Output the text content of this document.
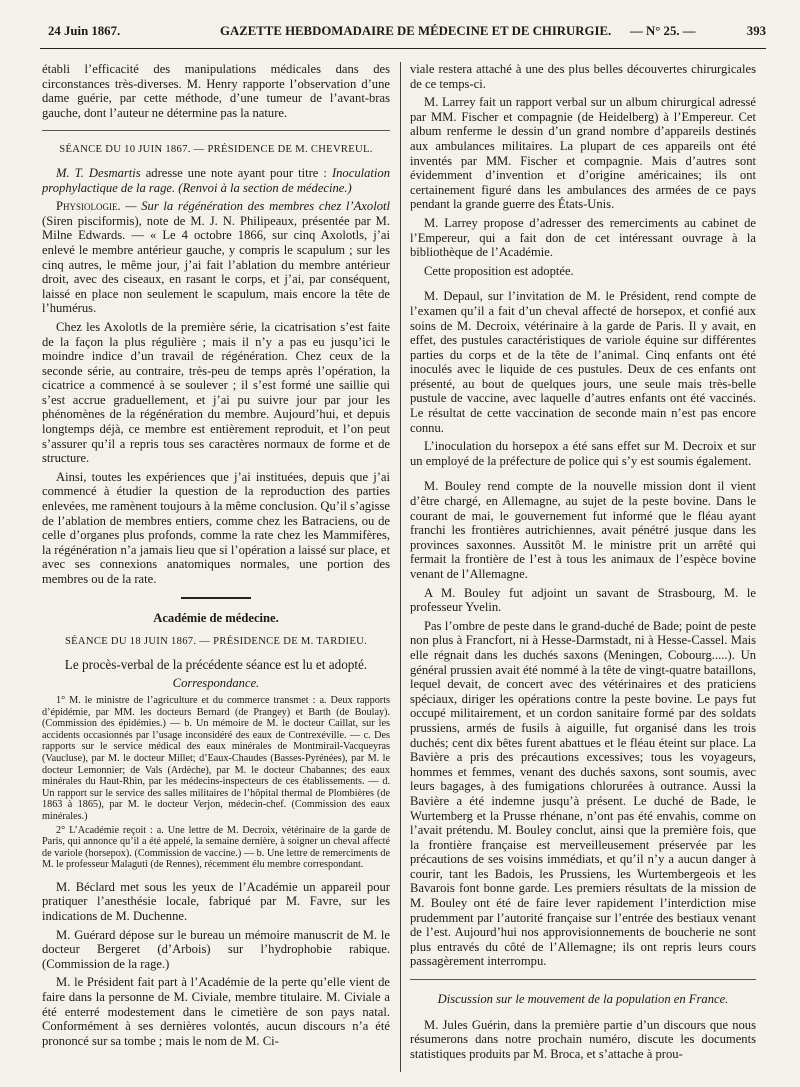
24 Juin 1867.	GAZETTE HEBDOMADAIRE DE MÉDECINE ET DE CHIRURGIE. — N° 25. —	393

établi l’efficacité des manipulations médicales dans des circonstances très-diverses. M. Henry rapporte l’observation d’une dame guérie, par cette méthode, d’une tumeur de l’avant-bras gauche, dont l’auteur ne détermine pas la nature.

SÉANCE DU 10 JUIN 1867. — PRÉSIDENCE DE M. CHEVREUL.

M. T. Desmartis adresse une note ayant pour titre : Inoculation prophylactique de la rage. (Renvoi à la section de médecine.)

Physiologie. — Sur la régénération des membres chez l’Axolotl (Siren pisciformis), note de M. J. N. Philipeaux, présentée par M. Milne Edwards. — « Le 4 octobre 1866, sur cinq Axolotls, j’ai enlevé le membre antérieur gauche, y compris le scapulum ; sur les cinq autres, le même jour, j’ai fait l’ablation du membre antérieur droit, avec des ciseaux, en rasant le corps, et j’ai, par conséquent, laissé en place non seulement le scapulum, mais encore la tête de l’humérus.

Chez les Axolotls de la première série, la cicatrisation s’est faite de la façon la plus régulière ; mais il n’y a pas eu jusqu’ici le moindre indice d’un travail de régénération. Chez ceux de la seconde série, au contraire, très-peu de temps après l’opération, la cicatrice a commencé à se soulever ; il s’est formé une saillie qui s’est accrue graduellement, et j’ai pu suivre jour par jour les phénomènes de la régénération du membre. Aujourd’hui, et depuis longtemps déjà, ce membre est entièrement reproduit, et l’on peut s’assurer qu’il a repris tous ses caractères normaux de forme et de structure.

Ainsi, toutes les expériences que j’ai instituées, depuis que j’ai commencé à étudier la question de la reproduction des parties enlevées, me ramènent toujours à la même conclusion. Qu’il s’agisse de l’ablation de membres entiers, comme chez les Batraciens, ou de celle d’organes plus profonds, comme la rate chez les Mammifères, la régénération n’a jamais lieu que si l’opération a laissé sur place, et avec ses connexions anatomiques normales, une portion des membres ou de la rate.

Académie de médecine.
SÉANCE DU 18 JUIN 1867. — PRÉSIDENCE DE M. TARDIEU.

Le procès-verbal de la précédente séance est lu et adopté.

Correspondance.

1° M. le ministre de l’agriculture et du commerce transmet : a. Deux rapports d’épidémie, par MM. les docteurs Bernard (de Prangey) et Barth (de Boulay). (Commission des épidémies.) — b. Un mémoire de M. le docteur Caillat, sur les accidents occasionnés par l’usage inconsidéré des eaux de Contrexéville. — c. Des rapports sur le service médical des eaux minérales de Montmirail-Vacqueyras (Vaucluse), par M. le docteur Millet; d’Eaux-Chaudes (Basses-Pyrénées), par M. le docteur Lemonnier; de Vals (Ardèche), par M. le docteur Chabannes; des eaux minérales du Haut-Rhin, par les médecins-inspecteurs de ces établissements. — d. Un rapport sur le service des salles militaires de l’hôpital thermal de Plombières (de 1863 à 1865), par M. le docteur Verjon, médecin-chef. (Commission des eaux minérales.)

2° L’Académie reçoit : a. Une lettre de M. Decroix, vétérinaire de la garde de Paris, qui annonce qu’il a été appelé, la semaine dernière, à soigner un cheval affecté de variole (horsepox). (Commission de vaccine.) — b. Une lettre de remerciments de M. le professeur Malaguti (de Rennes), récemment élu membre correspondant.

M. Béclard met sous les yeux de l’Académie un appareil pour pratiquer l’anesthésie locale, fabriqué par M. Favre, sur les indications de M. Duchenne.

M. Guérard dépose sur le bureau un mémoire manuscrit de M. le docteur Bergeret (d’Arbois) sur l’hydrophobie rabique. (Commission de la rage.)

M. le Président fait part à l’Académie de la perte qu’elle vient de faire dans la personne de M. Civiale, membre titulaire. M. Civiale a été enterré modestement dans le cimetière de son pays natal. Conformément à ses dernières volontés, aucun discours n’a été prononcé sur sa tombe ; mais le nom de M. Ci-

viale restera attaché à une des plus belles découvertes chirurgicales de ce temps-ci.

M. Larrey fait un rapport verbal sur un album chirurgical adressé par MM. Fischer et compagnie (de Heidelberg) à l’Empereur. Cet album renferme le dessin d’un grand nombre d’appareils destinés aux ambulances militaires. La plupart de ces appareils ont été inventés par MM. Fischer et compagnie. Mais d’autres sont évidemment d’invention et d’origine américaines; ils ont certainement figuré dans les ambulances des armées de ce pays pendant la grande guerre des États-Unis.

M. Larrey propose d’adresser des remerciments au cabinet de l’Empereur, qui a fait don de cet intéressant ouvrage à la bibliothèque de l’Académie.

Cette proposition est adoptée.

M. Depaul, sur l’invitation de M. le Président, rend compte de l’examen qu’il a fait d’un cheval affecté de horsepox, et confié aux soins de M. Decroix, vétérinaire à la garde de Paris. Il y avait, en effet, des pustules caractéristiques de variole équine sur différentes parties du corps et de la tête de l’animal. Cinq enfants ont été inoculés avec le liquide de ces pustules. Deux de ces enfants ont présenté, au bout de quelques jours, une seule mais très-belle pustule de vaccine, avec laquelle d’autres enfants ont été vaccinés. Le résultat de cette vaccination de seconde main n’est pas encore connu.

L’inoculation du horsepox a été sans effet sur M. Decroix et sur un employé de la préfecture de police qui s’y est soumis également.

M. Bouley rend compte de la nouvelle mission dont il vient d’être chargé, en Allemagne, au sujet de la peste bovine. Dans le courant de mai, le gouvernement fut informé que le fléau ayant franchi les frontières autrichiennes, avait pénétré jusque dans les provinces saxonnes. Aussitôt M. le ministre prit un arrêté qui fermait la frontière de l’est à tous les animaux de l’espèce bovine venant de l’Allemagne.

A M. Bouley fut adjoint un savant de Strasbourg, M. le professeur Yvelin.

Pas l’ombre de peste dans le grand-duché de Bade; point de peste non plus à Francfort, ni à Hesse-Darmstadt, ni à Hesse-Cassel. Mais elle régnait dans les duchés saxons (Meningen, Cobourg.....). Un général prussien avait été nommé à la tête de vingt-quatre bataillons, lequel devait, de concert avec des vétérinaires et des praticiens spéciaux, diriger les opérations contre la peste bovine. Le pays fut occupé militairement, et un cordon sanitaire formé par des soldats prussiens, armés de fusils à aiguille, fut organisé dans les trois duchés; cent dix bêtes furent abattues et le fléau éteint sur place. La Bavière a pris des précautions excessives; tous les voyageurs, hommes et femmes, venant des duchés saxons, sont soumis, avec leurs bagages, à des fumigations chlorurées à outrance. Aussi la Bavière a été indemne jusqu’à présent. Le duché de Bade, le Wurtemberg et la Prusse rhénane, n’ont pas été envahis, comme on l’avait prétendu. M. Bouley conclut, ainsi que la première fois, que la frontière française est merveilleusement préservée par les précautions de ses voisins immédiats, et qu’il n’y a aucun danger à courir, tant les Badois, les Prussiens, les Wurtembergeois et les Bavarois font bonne garde. Les premiers résultats de la mission de M. Bouley ont été de faire lever rapidement l’interdiction mise prudemment par l’autorité française sur l’entrée des bestiaux venant de l’est. Aujourd’hui nos approvisionnements de boucherie ne sont plus entravés du côté de l’Allemagne; ils ont repris leurs cours passagèrement interrompu.

Discussion sur le mouvement de la population en France.

M. Jules Guérin, dans la première partie d’un discours que nous résumerons dans notre prochain numéro, discute les documents statistiques produits par M. Broca, et s’attache à prou-
